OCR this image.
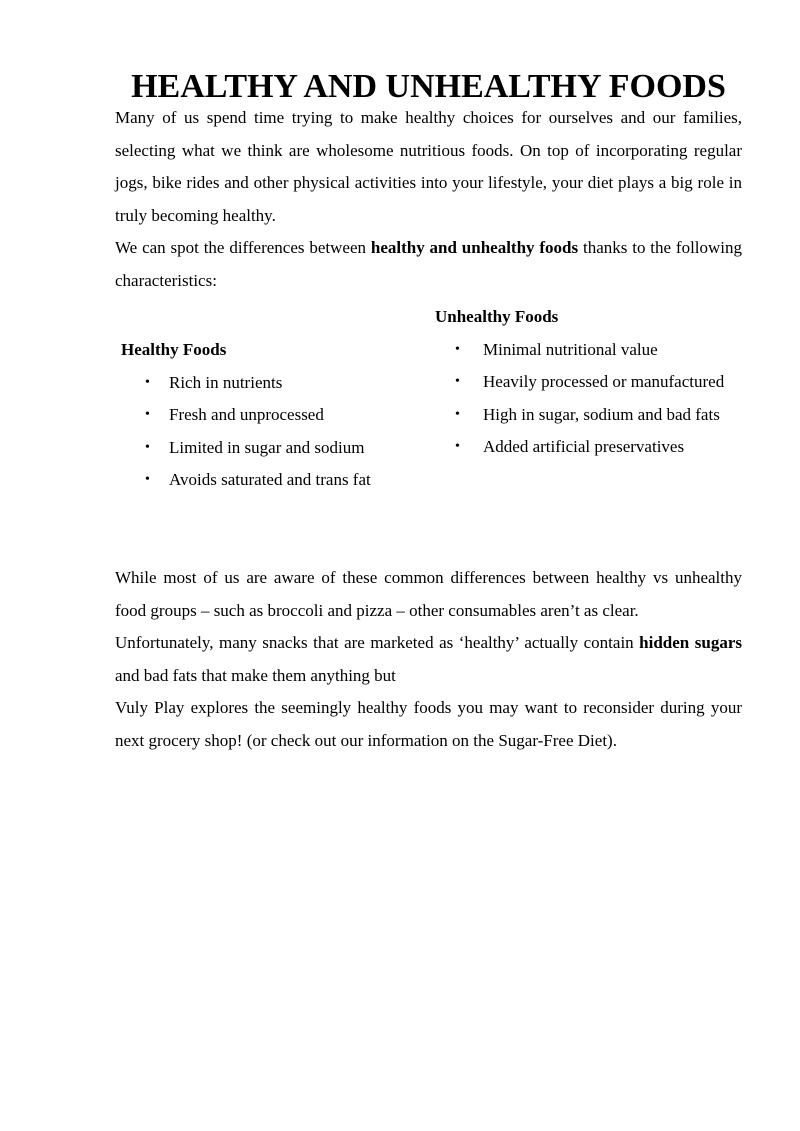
HEALTHY AND UNHEALTHY FOODS

Many of us spend time trying to make healthy choices for ourselves and our families, selecting what we think are wholesome nutritious foods. On top of incorporating regular jogs, bike rides and other physical activities into your lifestyle, your diet plays a big role in truly becoming healthy.

We can spot the differences between healthy and unhealthy foods thanks to the following characteristics:

Healthy Foods
• Rich in nutrients
• Fresh and unprocessed
• Limited in sugar and sodium
• Avoids saturated and trans fat
Unhealthy Foods
• Minimal nutritional value
• Heavily processed or manufactured
• High in sugar, sodium and bad fats
• Added artificial preservatives

While most of us are aware of these common differences between healthy vs unhealthy food groups – such as broccoli and pizza – other consumables aren’t as clear.

Unfortunately, many snacks that are marketed as ‘healthy’ actually contain hidden sugars and bad fats that make them anything but

Vuly Play explores the seemingly healthy foods you may want to reconsider during your next grocery shop! (or check out our information on the Sugar-Free Diet).
